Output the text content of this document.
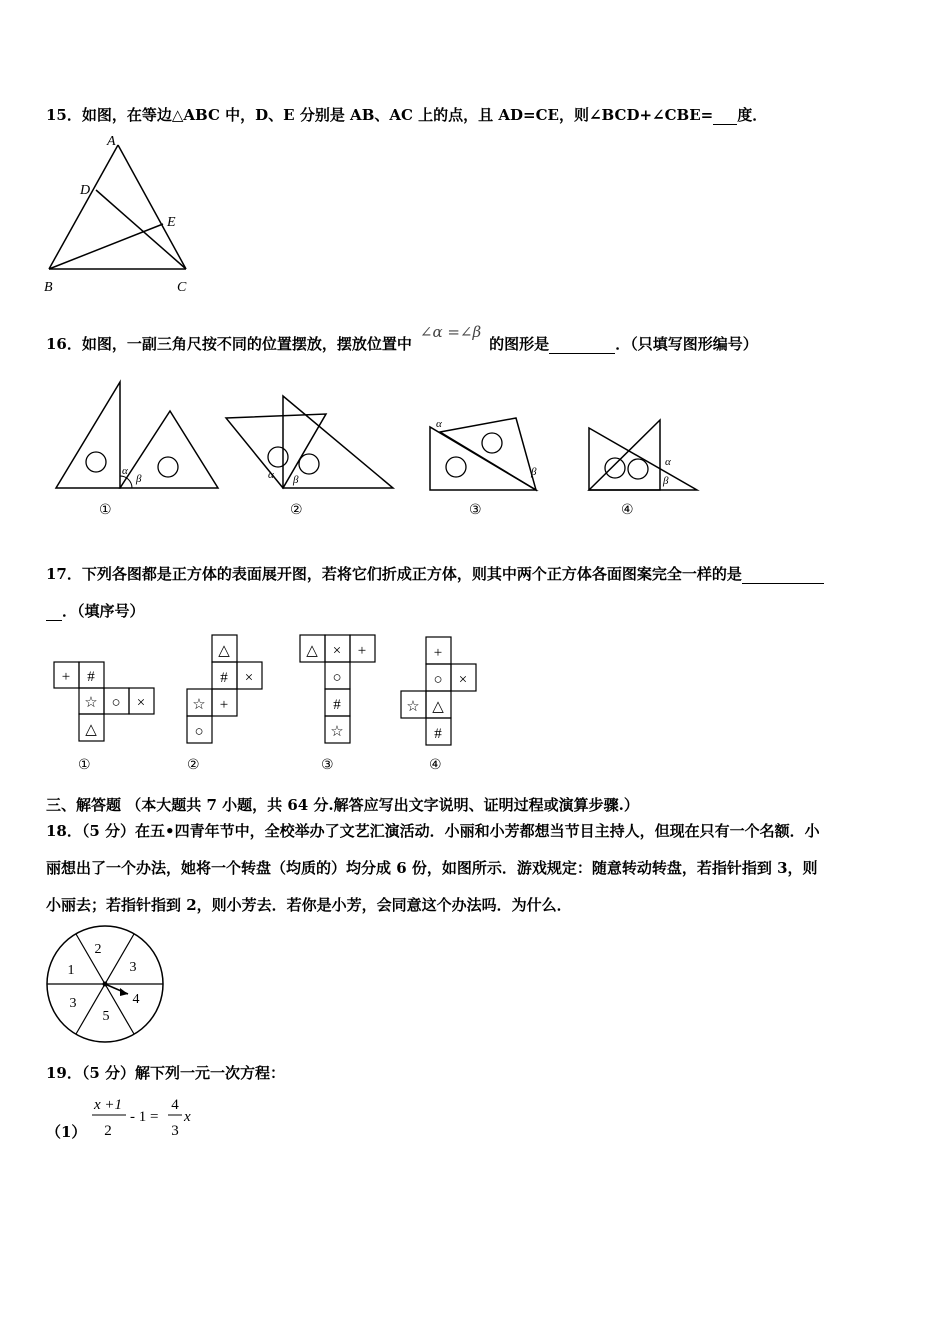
15．如图，在等边△ABC 中，D、E 分别是 AB、AC 上的点，且 AD=CE，则∠BCD+∠CBE= 度．
A
D
E
B	C
16．如图，一副三角尺按不同的位置摆放，摆放位置中∠α =∠β的图形是	．（只填写图形编号）
α
β
①
α β
②
α
β
③
α
β
④
17．下列各图都是正方体的表面展开图，若将它们折成正方体，则其中两个正方体各面图案完全一样的是
．（填序号）
+ #
☆ ○ ×
△
①
△
# ×
☆ +
○
②
△ × +
○
#
☆
③
+
○ ×
☆ △
#
④
三、解答题 （本大题共 7 小题，共 64 分.解答应写出文字说明、证明过程或演算步骤.）
18．（5 分）在五•四青年节中，全校举办了文艺汇演活动．小丽和小芳都想当节目主持人，但现在只有一个名额．小
丽想出了一个办法，她将一个转盘（均质的）均分成 6 份，如图所示．游戏规定：随意转动转盘，若指针指到 3，则
小丽去；若指针指到 2，则小芳去．若你是小芳，会同意这个办法吗．为什么．
1
2
3
4
5
3
19．（5 分）解下列一元一次方程：
（1）
x +1
2
- 1 =
4
3
x
